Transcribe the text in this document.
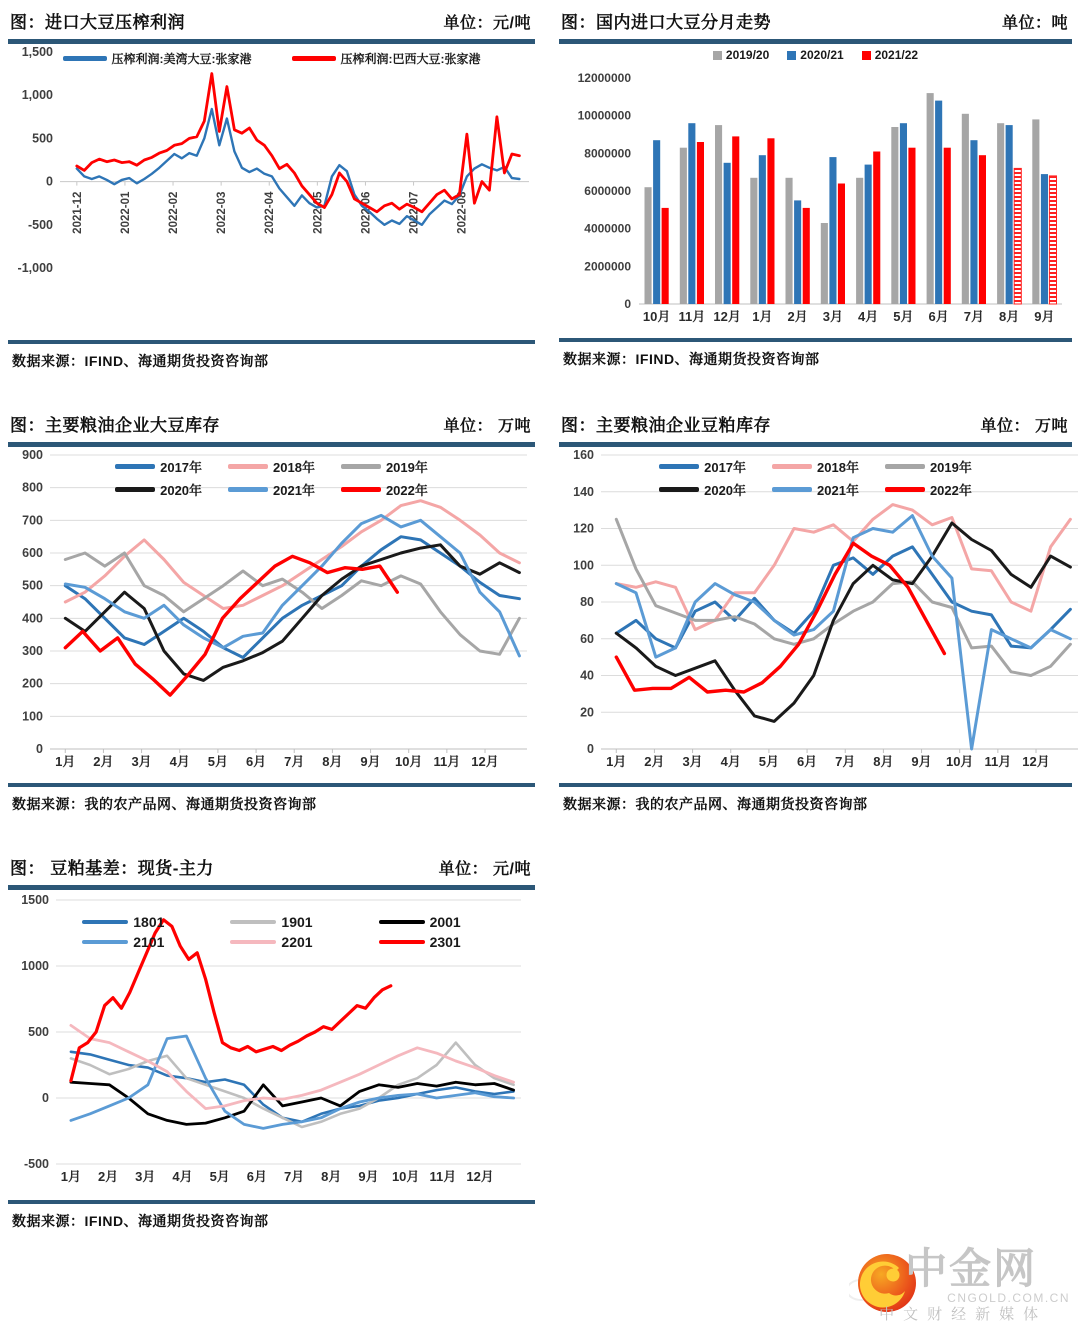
图：进口大豆压榨利润	单位：元/吨
1,500
1,000
500
0
-500
-1,000
2021-12	2022-01	2022-02	2022-03	2022-04	2022-05	2022-06	2022-07	2022-08
压榨利润:美湾大豆:张家港	压榨利润:巴西大豆:张家港
数据来源：IFIND、海通期货投资咨询部
图：国内进口大豆分月走势	单位：吨
12000000
10000000
8000000
6000000
4000000
2000000
0
10月 11月 12月 1月 2月 3月 4月 5月 6月 7月 8月 9月
2019/20	2020/21	2021/22
数据来源：IFIND、海通期货投资咨询部
图：主要粮油企业大豆库存	单位： 万吨
900
800
700
600
500
400
300
200
100
0
1月 2月 3月 4月 5月 6月 7月 8月 9月 10月 11月 12月
2017年	2018年	2019年
2020年	2021年	2022年
数据来源：我的农产品网、海通期货投资咨询部
图：主要粮油企业豆粕库存	单位： 万吨
160
140
120
100
80
60
40
20
0
1月 2月 3月 4月 5月 6月 7月 8月 9月 10月 11月 12月
2017年	2018年	2019年
2020年	2021年	2022年
数据来源：我的农产品网、海通期货投资咨询部
图： 豆粕基差：现货-主力	单位： 元/吨
1500
1000
500
0
-500
1月 2月 3月 4月 5月 6月 7月 8月 9月 10月 11月 12月
1801	1901	2001
2101	2201	2301
数据来源：IFIND、海通期货投资咨询部
中金网
CNGOLD.COM.CN
中文财经新媒体
